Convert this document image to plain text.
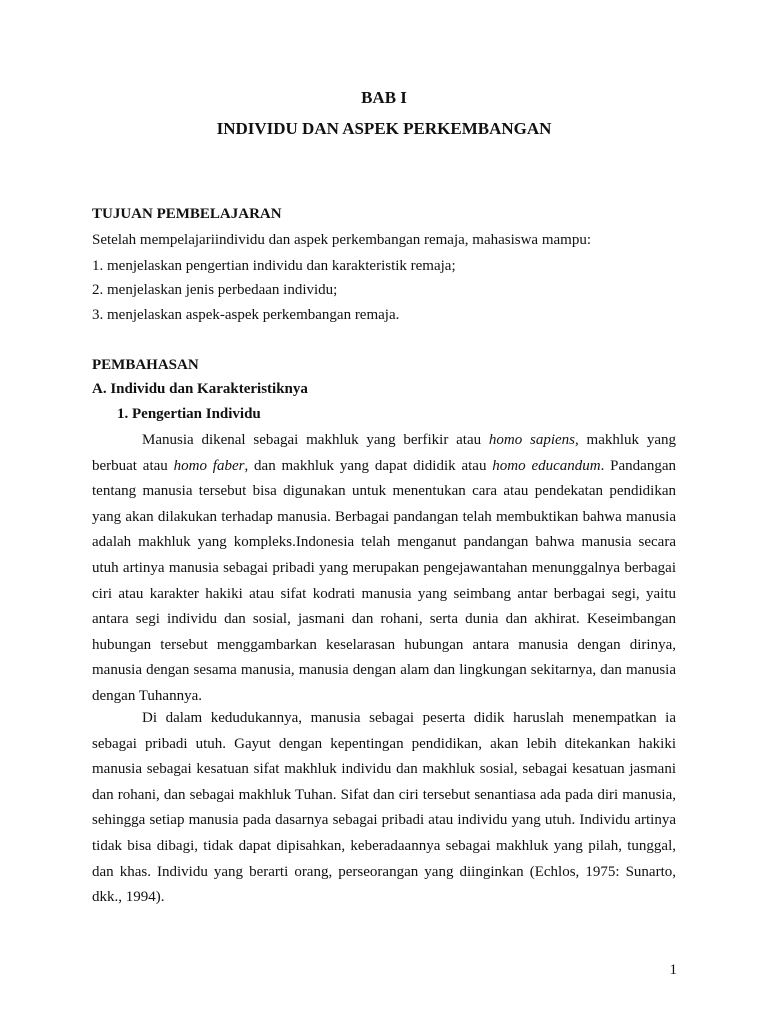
BAB I
INDIVIDU DAN ASPEK PERKEMBANGAN
TUJUAN PEMBELAJARAN
Setelah mempelajariindividu dan aspek perkembangan remaja, mahasiswa mampu:
1. menjelaskan pengertian individu dan karakteristik remaja;
2. menjelaskan jenis perbedaan individu;
3. menjelaskan aspek-aspek perkembangan remaja.
PEMBAHASAN
A. Individu dan Karakteristiknya
1. Pengertian Individu
Manusia dikenal sebagai makhluk yang berfikir atau homo sapiens, makhluk yang berbuat atau homo faber, dan makhluk yang dapat dididik atau homo educandum. Pandangan tentang manusia tersebut bisa digunakan untuk menentukan cara atau pendekatan pendidikan yang akan dilakukan terhadap manusia. Berbagai pandangan telah membuktikan bahwa manusia adalah makhluk yang kompleks.Indonesia telah menganut pandangan bahwa manusia secara utuh artinya manusia sebagai pribadi yang merupakan pengejawantahan menunggalnya berbagai ciri atau karakter hakiki atau sifat kodrati manusia yang seimbang antar berbagai segi, yaitu antara segi individu dan sosial, jasmani dan rohani, serta dunia dan akhirat. Keseimbangan hubungan tersebut menggambarkan keselarasan hubungan antara manusia dengan dirinya, manusia dengan sesama manusia, manusia dengan alam dan lingkungan sekitarnya, dan manusia dengan Tuhannya.
Di dalam kedudukannya, manusia sebagai peserta didik haruslah menempatkan ia sebagai pribadi utuh. Gayut dengan kepentingan pendidikan, akan lebih ditekankan hakiki manusia sebagai kesatuan sifat makhluk individu dan makhluk sosial, sebagai kesatuan jasmani dan rohani, dan sebagai makhluk Tuhan. Sifat dan ciri tersebut senantiasa ada pada diri manusia, sehingga setiap manusia pada dasarnya sebagai pribadi atau individu yang utuh. Individu artinya tidak bisa dibagi, tidak dapat dipisahkan, keberadaannya sebagai makhluk yang pilah, tunggal, dan khas. Individu yang berarti orang, perseorangan yang diinginkan (Echlos, 1975: Sunarto, dkk., 1994).
1
